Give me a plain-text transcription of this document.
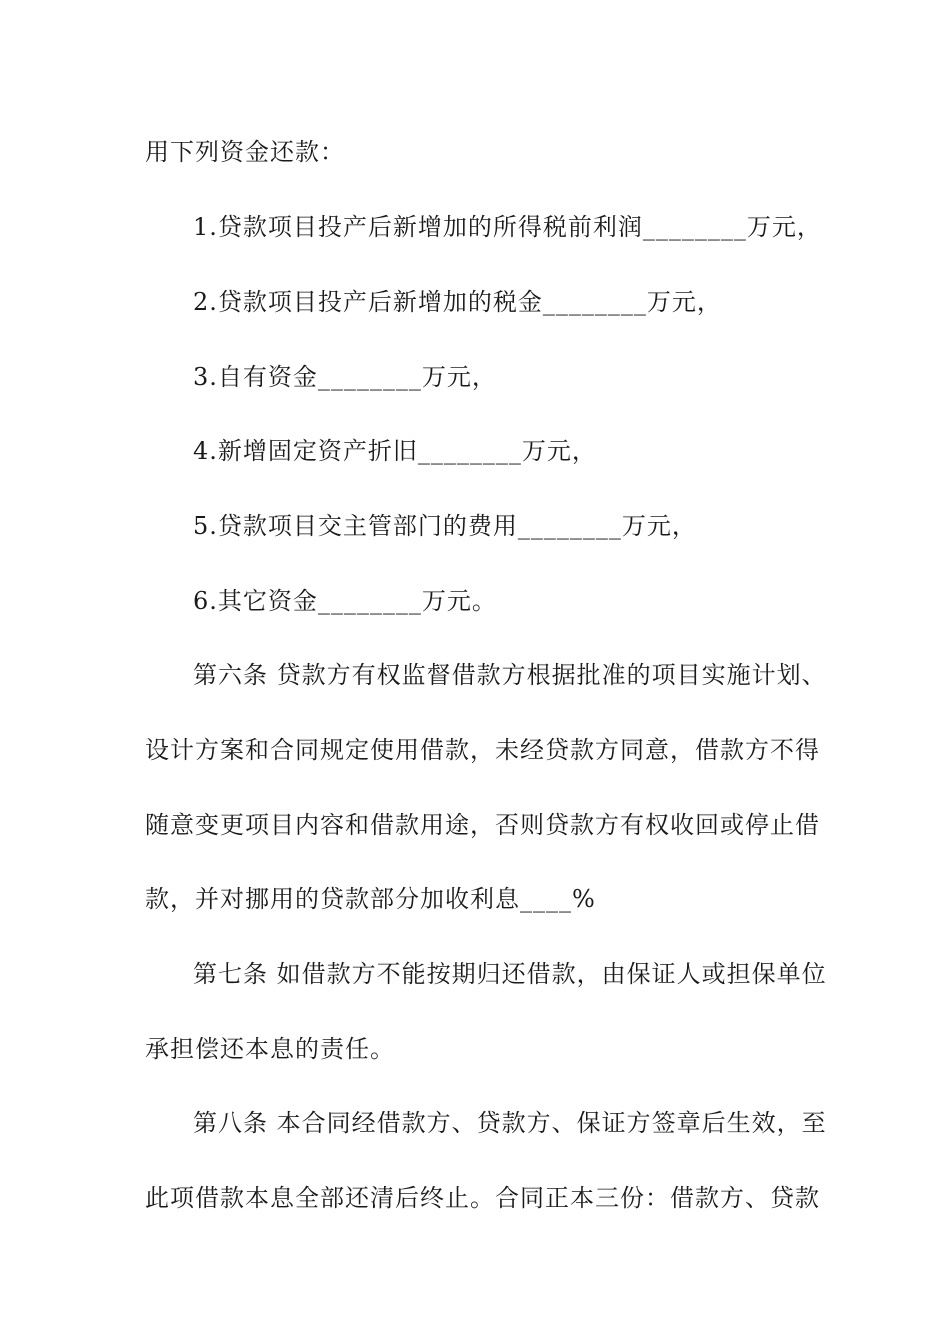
用下列资金还款：
1.贷款项目投产后新增加的所得税前利润________万元，
2.贷款项目投产后新增加的税金________万元，
3.自有资金________万元，
4.新增固定资产折旧________万元，
5.贷款项目交主管部门的费用________万元，
6.其它资金________万元。
第六条 贷款方有权监督借款方根据批准的项目实施计划、
设计方案和合同规定使用借款，未经贷款方同意，借款方不得
随意变更项目内容和借款用途，否则贷款方有权收回或停止借
款，并对挪用的贷款部分加收利息____%
第七条 如借款方不能按期归还借款，由保证人或担保单位
承担偿还本息的责任。
第八条 本合同经借款方、贷款方、保证方签章后生效，至
此项借款本息全部还清后终止。合同正本三份：借款方、贷款
